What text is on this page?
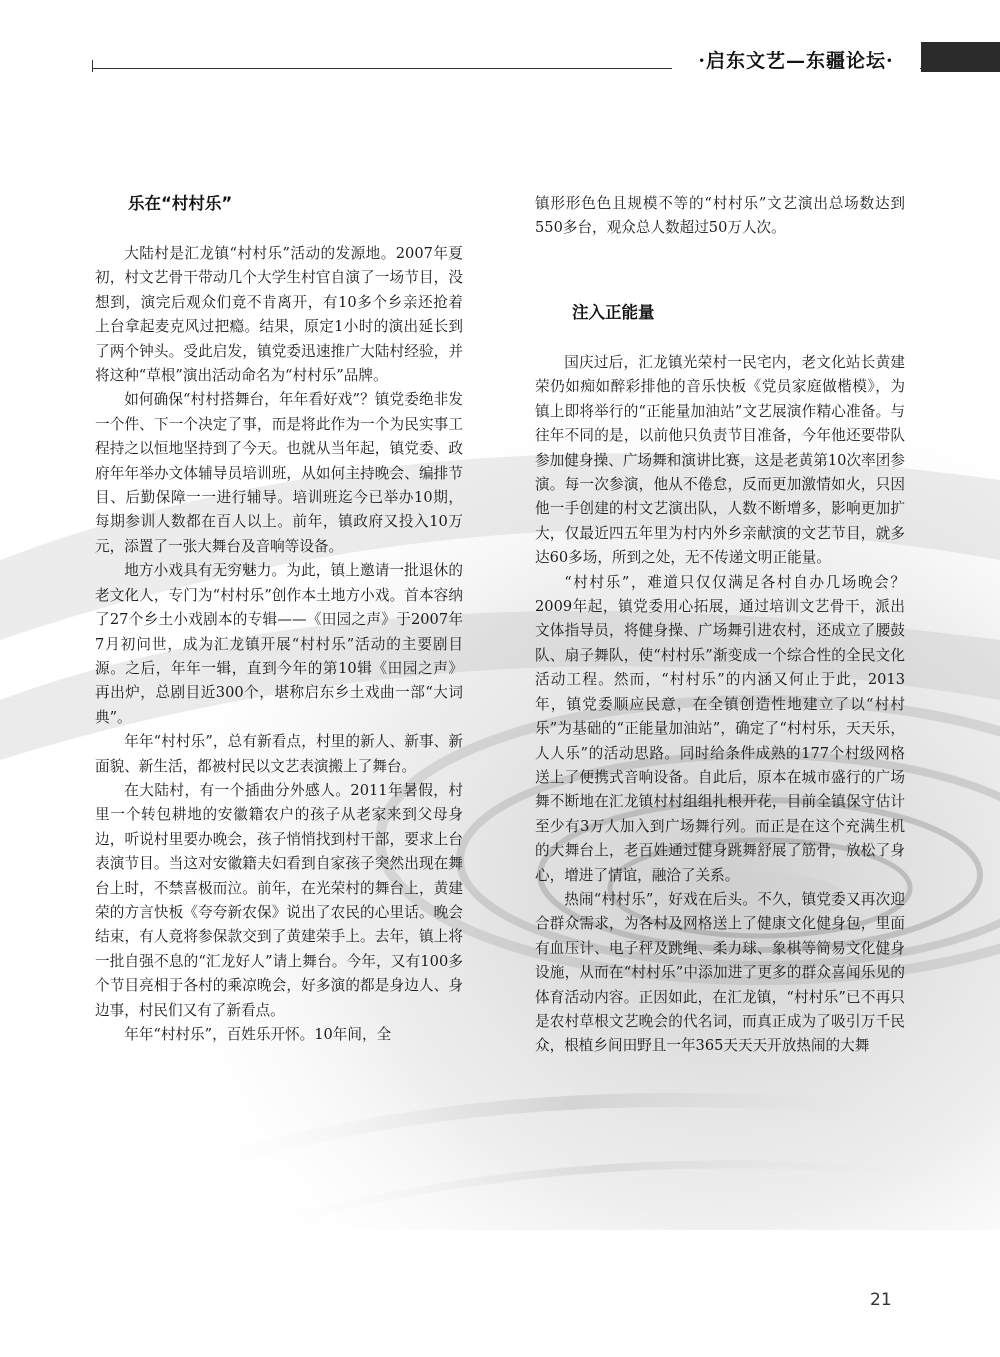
·启东文艺—东疆论坛·
乐在“村村乐”

大陆村是汇龙镇“村村乐”活动的发源地。2007年夏初，村文艺骨干带动几个大学生村官自演了一场节目，没想到，演完后观众们竟不肯离开，有10多个乡亲还抢着上台拿起麦克风过把瘾。结果，原定1小时的演出延长到了两个钟头。受此启发，镇党委迅速推广大陆村经验，并将这种“草根”演出活动命名为“村村乐”品牌。

如何确保“村村搭舞台，年年看好戏”？镇党委绝非发一个件、下一个决定了事，而是将此作为一个为民实事工程持之以恒地坚持到了今天。也就从当年起，镇党委、政府年年举办文体辅导员培训班，从如何主持晚会、编排节目、后勤保障一一进行辅导。培训班迄今已举办10期，每期参训人数都在百人以上。前年，镇政府又投入10万元，添置了一张大舞台及音响等设备。

地方小戏具有无穷魅力。为此，镇上邀请一批退休的老文化人，专门为“村村乐”创作本土地方小戏。首本容纳了27个乡土小戏剧本的专辑——《田园之声》于2007年7月初问世，成为汇龙镇开展“村村乐”活动的主要剧目源。之后，年年一辑，直到今年的第10辑《田园之声》再出炉，总剧目近300个，堪称启东乡土戏曲一部“大词典”。

年年“村村乐”，总有新看点，村里的新人、新事、新面貌、新生活，都被村民以文艺表演搬上了舞台。

在大陆村，有一个插曲分外感人。2011年暑假，村里一个转包耕地的安徽籍农户的孩子从老家来到父母身边，听说村里要办晚会，孩子悄悄找到村干部，要求上台表演节目。当这对安徽籍夫妇看到自家孩子突然出现在舞台上时，不禁喜极而泣。前年，在光荣村的舞台上，黄建荣的方言快板《夸夸新农保》说出了农民的心里话。晚会结束，有人竟将参保款交到了黄建荣手上。去年，镇上将一批自强不息的“汇龙好人”请上舞台。今年，又有100多个节目亮相于各村的乘凉晚会，好多演的都是身边人、身边事，村民们又有了新看点。

年年“村村乐”，百姓乐开怀。10年间，全

镇形形色色且规模不等的“村村乐”文艺演出总场数达到550多台，观众总人数超过50万人次。

注入正能量

国庆过后，汇龙镇光荣村一民宅内，老文化站长黄建荣仍如痴如醉彩排他的音乐快板《党员家庭做楷模》，为镇上即将举行的“正能量加油站”文艺展演作精心准备。与往年不同的是，以前他只负责节目准备，今年他还要带队参加健身操、广场舞和演讲比赛，这是老黄第10次率团参演。每一次参演，他从不倦怠，反而更加激情如火，只因他一手创建的村文艺演出队，人数不断增多，影响更加扩大，仅最近四五年里为村内外乡亲献演的文艺节目，就多达60多场，所到之处，无不传递文明正能量。

“村村乐”，难道只仅仅满足各村自办几场晚会？2009年起，镇党委用心拓展，通过培训文艺骨干，派出文体指导员，将健身操、广场舞引进农村，还成立了腰鼓队、扇子舞队，使“村村乐”渐变成一个综合性的全民文化活动工程。然而，“村村乐”的内涵又何止于此，2013年，镇党委顺应民意，在全镇创造性地建立了以“村村乐”为基础的“正能量加油站”，确定了“村村乐，天天乐，人人乐”的活动思路。同时给条件成熟的177个村级网格送上了便携式音响设备。自此后，原本在城市盛行的广场舞不断地在汇龙镇村村组组扎根开花，目前全镇保守估计至少有3万人加入到广场舞行列。而正是在这个充满生机的大舞台上，老百姓通过健身跳舞舒展了筋骨，放松了身心，增进了情谊，融洽了关系。

热闹“村村乐”，好戏在后头。不久，镇党委又再次迎合群众需求，为各村及网格送上了健康文化健身包，里面有血压计、电子秤及跳绳、柔力球、象棋等简易文化健身设施，从而在“村村乐”中添加进了更多的群众喜闻乐见的体育活动内容。正因如此，在汇龙镇，“村村乐”已不再只是农村草根文艺晚会的代名词，而真正成为了吸引万千民众，根植乡间田野且一年365天天天开放热闹的大舞

21
